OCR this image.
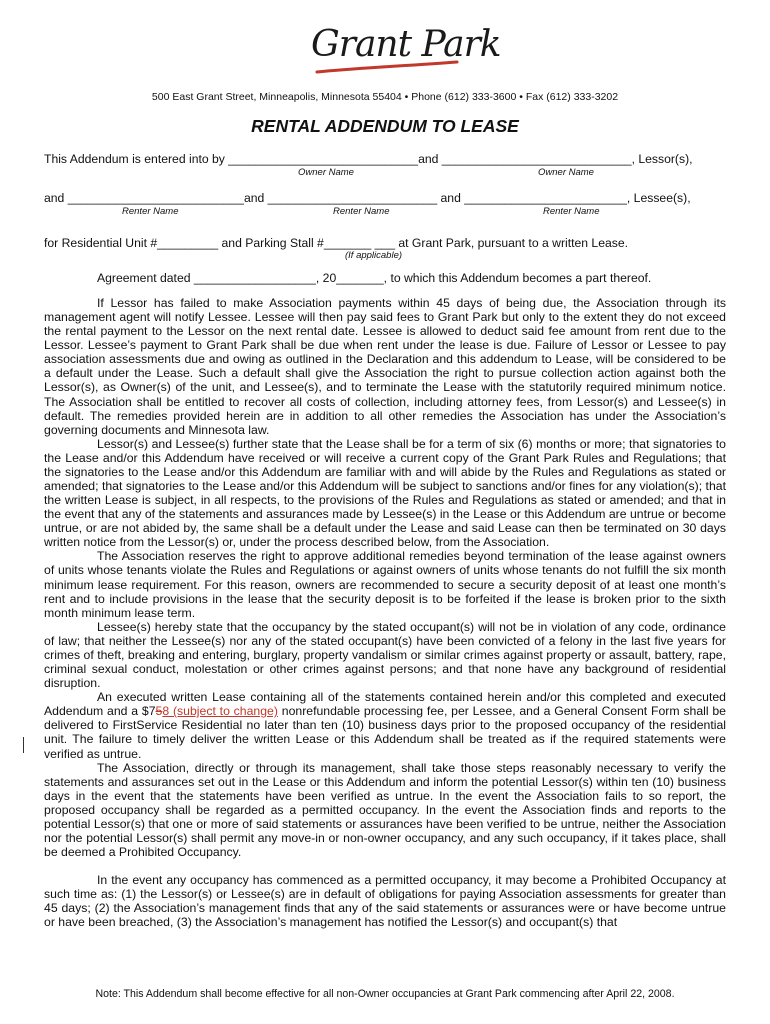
Grant Park
500 East Grant Street, Minneapolis, Minnesota 55404 • Phone (612) 333-3600 • Fax (612) 333-3202
RENTAL ADDENDUM TO LEASE
This Addendum is entered into by ____________________________and ____________________________, Lessor(s),
Owner Name	Owner Name
and __________________________and _________________________ and ________________________, Lessee(s),
Renter Name	Renter Name	Renter Name
for Residential Unit #_________ and Parking Stall #_______ ___ at Grant Park, pursuant to a written Lease.
(If applicable)
Agreement dated __________________, 20_______, to which this Addendum becomes a part thereof.

If Lessor has failed to make Association payments within 45 days of being due, the Association through its management agent will notify Lessee. Lessee will then pay said fees to Grant Park but only to the extent they do not exceed the rental payment to the Lessor on the next rental date. Lessee is allowed to deduct said fee amount from rent due to the Lessor. Lessee’s payment to Grant Park shall be due when rent under the lease is due. Failure of Lessor or Lessee to pay association assessments due and owing as outlined in the Declaration and this addendum to Lease, will be considered to be a default under the Lease. Such a default shall give the Association the right to pursue collection action against both the Lessor(s), as Owner(s) of the unit, and Lessee(s), and to terminate the Lease with the statutorily required minimum notice. The Association shall be entitled to recover all costs of collection, including attorney fees, from Lessor(s) and Lessee(s) in default. The remedies provided herein are in addition to all other remedies the Association has under the Association’s governing documents and Minnesota law.

Lessor(s) and Lessee(s) further state that the Lease shall be for a term of six (6) months or more; that signatories to the Lease and/or this Addendum have received or will receive a current copy of the Grant Park Rules and Regulations; that the signatories to the Lease and/or this Addendum are familiar with and will abide by the Rules and Regulations as stated or amended; that signatories to the Lease and/or this Addendum will be subject to sanctions and/or fines for any violation(s); that the written Lease is subject, in all respects, to the provisions of the Rules and Regulations as stated or amended; and that in the event that any of the statements and assurances made by Lessee(s) in the Lease or this Addendum are untrue or become untrue, or are not abided by, the same shall be a default under the Lease and said Lease can then be terminated on 30 days written notice from the Lessor(s) or, under the process described below, from the Association.

The Association reserves the right to approve additional remedies beyond termination of the lease against owners of units whose tenants violate the Rules and Regulations or against owners of units whose tenants do not fulfill the six month minimum lease requirement. For this reason, owners are recommended to secure a security deposit of at least one month’s rent and to include provisions in the lease that the security deposit is to be forfeited if the lease is broken prior to the sixth month minimum lease term.

Lessee(s) hereby state that the occupancy by the stated occupant(s) will not be in violation of any code, ordinance of law; that neither the Lessee(s) nor any of the stated occupant(s) have been convicted of a felony in the last five years for crimes of theft, breaking and entering, burglary, property vandalism or similar crimes against property or assault, battery, rape, criminal sexual conduct, molestation or other crimes against persons; and that none have any background of residential disruption.

An executed written Lease containing all of the statements contained herein and/or this completed and executed Addendum and a $758 (subject to change) nonrefundable processing fee, per Lessee, and a General Consent Form shall be delivered to FirstService Residential no later than ten (10) business days prior to the proposed occupancy of the residential unit. The failure to timely deliver the written Lease or this Addendum shall be treated as if the required statements were verified as untrue.

The Association, directly or through its management, shall take those steps reasonably necessary to verify the statements and assurances set out in the Lease or this Addendum and inform the potential Lessor(s) within ten (10) business days in the event that the statements have been verified as untrue. In the event the Association fails to so report, the proposed occupancy shall be regarded as a permitted occupancy. In the event the Association finds and reports to the potential Lessor(s) that one or more of said statements or assurances have been verified to be untrue, neither the Association nor the potential Lessor(s) shall permit any move-in or non-owner occupancy, and any such occupancy, if it takes place, shall be deemed a Prohibited Occupancy.

In the event any occupancy has commenced as a permitted occupancy, it may become a Prohibited Occupancy at such time as: (1) the Lessor(s) or Lessee(s) are in default of obligations for paying Association assessments for greater than 45 days; (2) the Association’s management finds that any of the said statements or assurances were or have become untrue or have been breached, (3) the Association’s management has notified the Lessor(s) and occupant(s) that

Note: This Addendum shall become effective for all non-Owner occupancies at Grant Park commencing after April 22, 2008.
